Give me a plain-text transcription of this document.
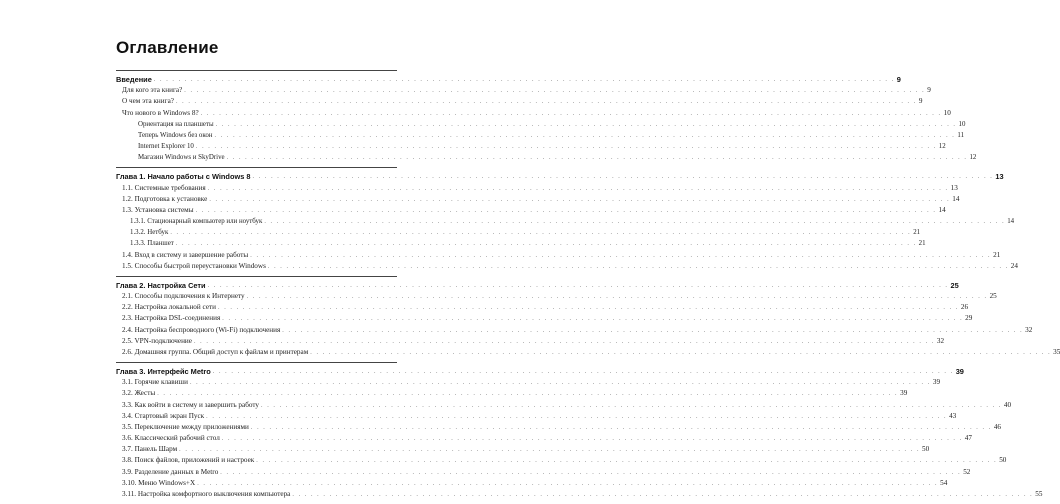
Оглавление
Введение . . . . . . . . . . . . . . . . . . . . . . . . . . . . . . . . . . . . . . . . . . . . . . . . . . . . . . . . . . . . . . . . . . . . . . . . . . . . . . . . . . . . . . . . . . . . . . . . . . . . . . . . . . . . . . . . . . . . . . . . 9
Для кого эта книга? . . . . . . . . . . . . . . . . . . . . . . . . . . . . . . . . . . . . . . . . . . . . . . . . . . . . . . . . . . . . . . . . . . . . . . . . . . . . . . . . . . . . . . . . . . . . . . . . . . . . . . . . . . . . . . . . . . . . . . . . 9
О чем эта книга? . . . . . . . . . . . . . . . . . . . . . . . . . . . . . . . . . . . . . . . . . . . . . . . . . . . . . . . . . . . . . . . . . . . . . . . . . . . . . . . . . . . . . . . . . . . . . . . . . . . . . . . . . . . . . . . . . . . . . . . . 9
Что нового в Windows 8? . . . . . . . . . . . . . . . . . . . . . . . . . . . . . . . . . . . . . . . . . . . . . . . . . . . . . . . . . . . . . . . . . . . . . . . . . . . . . . . . . . . . . . . . . . . . . . . . . . . . . . . . . . . . . . . . . . . . . . . . 10
Ориентация на планшеты . . . . . . . . . . . . . . . . . . . . . . . . . . . . . . . . . . . . . . . . . . . . . . . . . . . . . . . . . . . . . . . . . . . . . . . . . . . . . . . . . . . . . . . . . . . . . . . . . . . . . . . . . . . . . . . . . . . . . . . . 10
Теперь Windows без окон . . . . . . . . . . . . . . . . . . . . . . . . . . . . . . . . . . . . . . . . . . . . . . . . . . . . . . . . . . . . . . . . . . . . . . . . . . . . . . . . . . . . . . . . . . . . . . . . . . . . . . . . . . . . . . . . . . . . . . . . 11
Internet Explorer 10 . . . . . . . . . . . . . . . . . . . . . . . . . . . . . . . . . . . . . . . . . . . . . . . . . . . . . . . . . . . . . . . . . . . . . . . . . . . . . . . . . . . . . . . . . . . . . . . . . . . . . . . . . . . . . . . . . . . . . . . . 12
Магазин Windows и SkyDrive . . . . . . . . . . . . . . . . . . . . . . . . . . . . . . . . . . . . . . . . . . . . . . . . . . . . . . . . . . . . . . . . . . . . . . . . . . . . . . . . . . . . . . . . . . . . . . . . . . . . . . . . . . . . . . . . . . . . . . . . 12
Глава 1. Начало работы с Windows 8 . . . . . . . . . . . . . . . . . . . . . . . . . . . . . . . . . . . . . . . . . . . . . . . . . . . . . . . . . . . . . . . . . . . . . . . . . . . . . . . . . . . . . . . . . . . . . . . . . . . . . . . . . . . . . . . . . . . . . . . . 13
1.1. Системные требования . . . . . . . . . . . . . . . . . . . . . . . . . . . . . . . . . . . . . . . . . . . . . . . . . . . . . . . . . . . . . . . . . . . . . . . . . . . . . . . . . . . . . . . . . . . . . . . . . . . . . . . . . . . . . . . . . . . . . . . . 13
1.2. Подготовка к установке . . . . . . . . . . . . . . . . . . . . . . . . . . . . . . . . . . . . . . . . . . . . . . . . . . . . . . . . . . . . . . . . . . . . . . . . . . . . . . . . . . . . . . . . . . . . . . . . . . . . . . . . . . . . . . . . . . . . . . . . 14
1.3. Установка системы . . . . . . . . . . . . . . . . . . . . . . . . . . . . . . . . . . . . . . . . . . . . . . . . . . . . . . . . . . . . . . . . . . . . . . . . . . . . . . . . . . . . . . . . . . . . . . . . . . . . . . . . . . . . . . . . . . . . . . . . 14
1.3.1. Стационарный компьютер или ноутбук . . . . . . . . . . . . . . . . . . . . . . . . . . . . . . . . . . . . . . . . . . . . . . . . . . . . . . . . . . . . . . . . . . . . . . . . . . . . . . . . . . . . . . . . . . . . . . . . . . . . . . . . . . . . . . . . . . . . . . . . 14
1.3.2. Нетбук . . . . . . . . . . . . . . . . . . . . . . . . . . . . . . . . . . . . . . . . . . . . . . . . . . . . . . . . . . . . . . . . . . . . . . . . . . . . . . . . . . . . . . . . . . . . . . . . . . . . . . . . . . . . . . . . . . . . . . . . 21
1.3.3. Планшет . . . . . . . . . . . . . . . . . . . . . . . . . . . . . . . . . . . . . . . . . . . . . . . . . . . . . . . . . . . . . . . . . . . . . . . . . . . . . . . . . . . . . . . . . . . . . . . . . . . . . . . . . . . . . . . . . . . . . . . . 21
1.4. Вход в систему и завершение работы . . . . . . . . . . . . . . . . . . . . . . . . . . . . . . . . . . . . . . . . . . . . . . . . . . . . . . . . . . . . . . . . . . . . . . . . . . . . . . . . . . . . . . . . . . . . . . . . . . . . . . . . . . . . . . . . . . . . . . . . 21
1.5. Способы быстрой переустановки Windows . . . . . . . . . . . . . . . . . . . . . . . . . . . . . . . . . . . . . . . . . . . . . . . . . . . . . . . . . . . . . . . . . . . . . . . . . . . . . . . . . . . . . . . . . . . . . . . . . . . . . . . . . . . . . . . . . . . . . . . . 24
Глава 2. Настройка Сети . . . . . . . . . . . . . . . . . . . . . . . . . . . . . . . . . . . . . . . . . . . . . . . . . . . . . . . . . . . . . . . . . . . . . . . . . . . . . . . . . . . . . . . . . . . . . . . . . . . . . . . . . . . . . . . . . . . . . . . . 25
2.1. Способы подключения к Интернету . . . . . . . . . . . . . . . . . . . . . . . . . . . . . . . . . . . . . . . . . . . . . . . . . . . . . . . . . . . . . . . . . . . . . . . . . . . . . . . . . . . . . . . . . . . . . . . . . . . . . . . . . . . . . . . . . . . . . . . . 25
2.2. Настройка локальной сети . . . . . . . . . . . . . . . . . . . . . . . . . . . . . . . . . . . . . . . . . . . . . . . . . . . . . . . . . . . . . . . . . . . . . . . . . . . . . . . . . . . . . . . . . . . . . . . . . . . . . . . . . . . . . . . . . . . . . . . . 26
2.3. Настройка DSL-соединения . . . . . . . . . . . . . . . . . . . . . . . . . . . . . . . . . . . . . . . . . . . . . . . . . . . . . . . . . . . . . . . . . . . . . . . . . . . . . . . . . . . . . . . . . . . . . . . . . . . . . . . . . . . . . . . . . . . . . . . . 29
2.4. Настройка беспроводного (Wi-Fi) подключения . . . . . . . . . . . . . . . . . . . . . . . . . . . . . . . . . . . . . . . . . . . . . . . . . . . . . . . . . . . . . . . . . . . . . . . . . . . . . . . . . . . . . . . . . . . . . . . . . . . . . . . . . . . . . . . . . . . . . . . . 32
2.5. VPN-подключение . . . . . . . . . . . . . . . . . . . . . . . . . . . . . . . . . . . . . . . . . . . . . . . . . . . . . . . . . . . . . . . . . . . . . . . . . . . . . . . . . . . . . . . . . . . . . . . . . . . . . . . . . . . . . . . . . . . . . . . . 32
2.6. Домашняя группа. Общий доступ к файлам и принтерам . . . . . . . . . . . . . . . . . . . . . . . . . . . . . . . . . . . . . . . . . . . . . . . . . . . . . . . . . . . . . . . . . . . . . . . . . . . . . . . . . . . . . . . . . . . . . . . . . . . . . . . . . . . . . . . . . . . . . . . . 35
Глава 3. Интерфейс Metro . . . . . . . . . . . . . . . . . . . . . . . . . . . . . . . . . . . . . . . . . . . . . . . . . . . . . . . . . . . . . . . . . . . . . . . . . . . . . . . . . . . . . . . . . . . . . . . . . . . . . . . . . . . . . . . . . . . . . . . . 39
3.1. Горячие клавиши . . . . . . . . . . . . . . . . . . . . . . . . . . . . . . . . . . . . . . . . . . . . . . . . . . . . . . . . . . . . . . . . . . . . . . . . . . . . . . . . . . . . . . . . . . . . . . . . . . . . . . . . . . . . . . . . . . . . . . . . 39
3.2. Жесты . . . . . . . . . . . . . . . . . . . . . . . . . . . . . . . . . . . . . . . . . . . . . . . . . . . . . . . . . . . . . . . . . . . . . . . . . . . . . . . . . . . . . . . . . . . . . . . . . . . . . . . . . . . . . . . . . . . . . . . . 39
3.3. Как войти в систему и завершить работу . . . . . . . . . . . . . . . . . . . . . . . . . . . . . . . . . . . . . . . . . . . . . . . . . . . . . . . . . . . . . . . . . . . . . . . . . . . . . . . . . . . . . . . . . . . . . . . . . . . . . . . . . . . . . . . . . . . . . . . . 40
3.4. Стартовый экран Пуск . . . . . . . . . . . . . . . . . . . . . . . . . . . . . . . . . . . . . . . . . . . . . . . . . . . . . . . . . . . . . . . . . . . . . . . . . . . . . . . . . . . . . . . . . . . . . . . . . . . . . . . . . . . . . . . . . . . . . . . . 43
3.5. Переключение между приложениями . . . . . . . . . . . . . . . . . . . . . . . . . . . . . . . . . . . . . . . . . . . . . . . . . . . . . . . . . . . . . . . . . . . . . . . . . . . . . . . . . . . . . . . . . . . . . . . . . . . . . . . . . . . . . . . . . . . . . . . . 46
3.6. Классический рабочий стол . . . . . . . . . . . . . . . . . . . . . . . . . . . . . . . . . . . . . . . . . . . . . . . . . . . . . . . . . . . . . . . . . . . . . . . . . . . . . . . . . . . . . . . . . . . . . . . . . . . . . . . . . . . . . . . . . . . . . . . . 47
3.7. Панель Шарм . . . . . . . . . . . . . . . . . . . . . . . . . . . . . . . . . . . . . . . . . . . . . . . . . . . . . . . . . . . . . . . . . . . . . . . . . . . . . . . . . . . . . . . . . . . . . . . . . . . . . . . . . . . . . . . . . . . . . . . . 50
3.8. Поиск файлов, приложений и настроек . . . . . . . . . . . . . . . . . . . . . . . . . . . . . . . . . . . . . . . . . . . . . . . . . . . . . . . . . . . . . . . . . . . . . . . . . . . . . . . . . . . . . . . . . . . . . . . . . . . . . . . . . . . . . . . . . . . . . . . . 50
3.9. Разделение данных в Metro . . . . . . . . . . . . . . . . . . . . . . . . . . . . . . . . . . . . . . . . . . . . . . . . . . . . . . . . . . . . . . . . . . . . . . . . . . . . . . . . . . . . . . . . . . . . . . . . . . . . . . . . . . . . . . . . . . . . . . . . 52
3.10. Меню Windows+X . . . . . . . . . . . . . . . . . . . . . . . . . . . . . . . . . . . . . . . . . . . . . . . . . . . . . . . . . . . . . . . . . . . . . . . . . . . . . . . . . . . . . . . . . . . . . . . . . . . . . . . . . . . . . . . . . . . . . . . . 54
3.11. Настройка комфортного выключения компьютера . . . . . . . . . . . . . . . . . . . . . . . . . . . . . . . . . . . . . . . . . . . . . . . . . . . . . . . . . . . . . . . . . . . . . . . . . . . . . . . . . . . . . . . . . . . . . . . . . . . . . . . . . . . . . . . . . . . . . . . . 55
